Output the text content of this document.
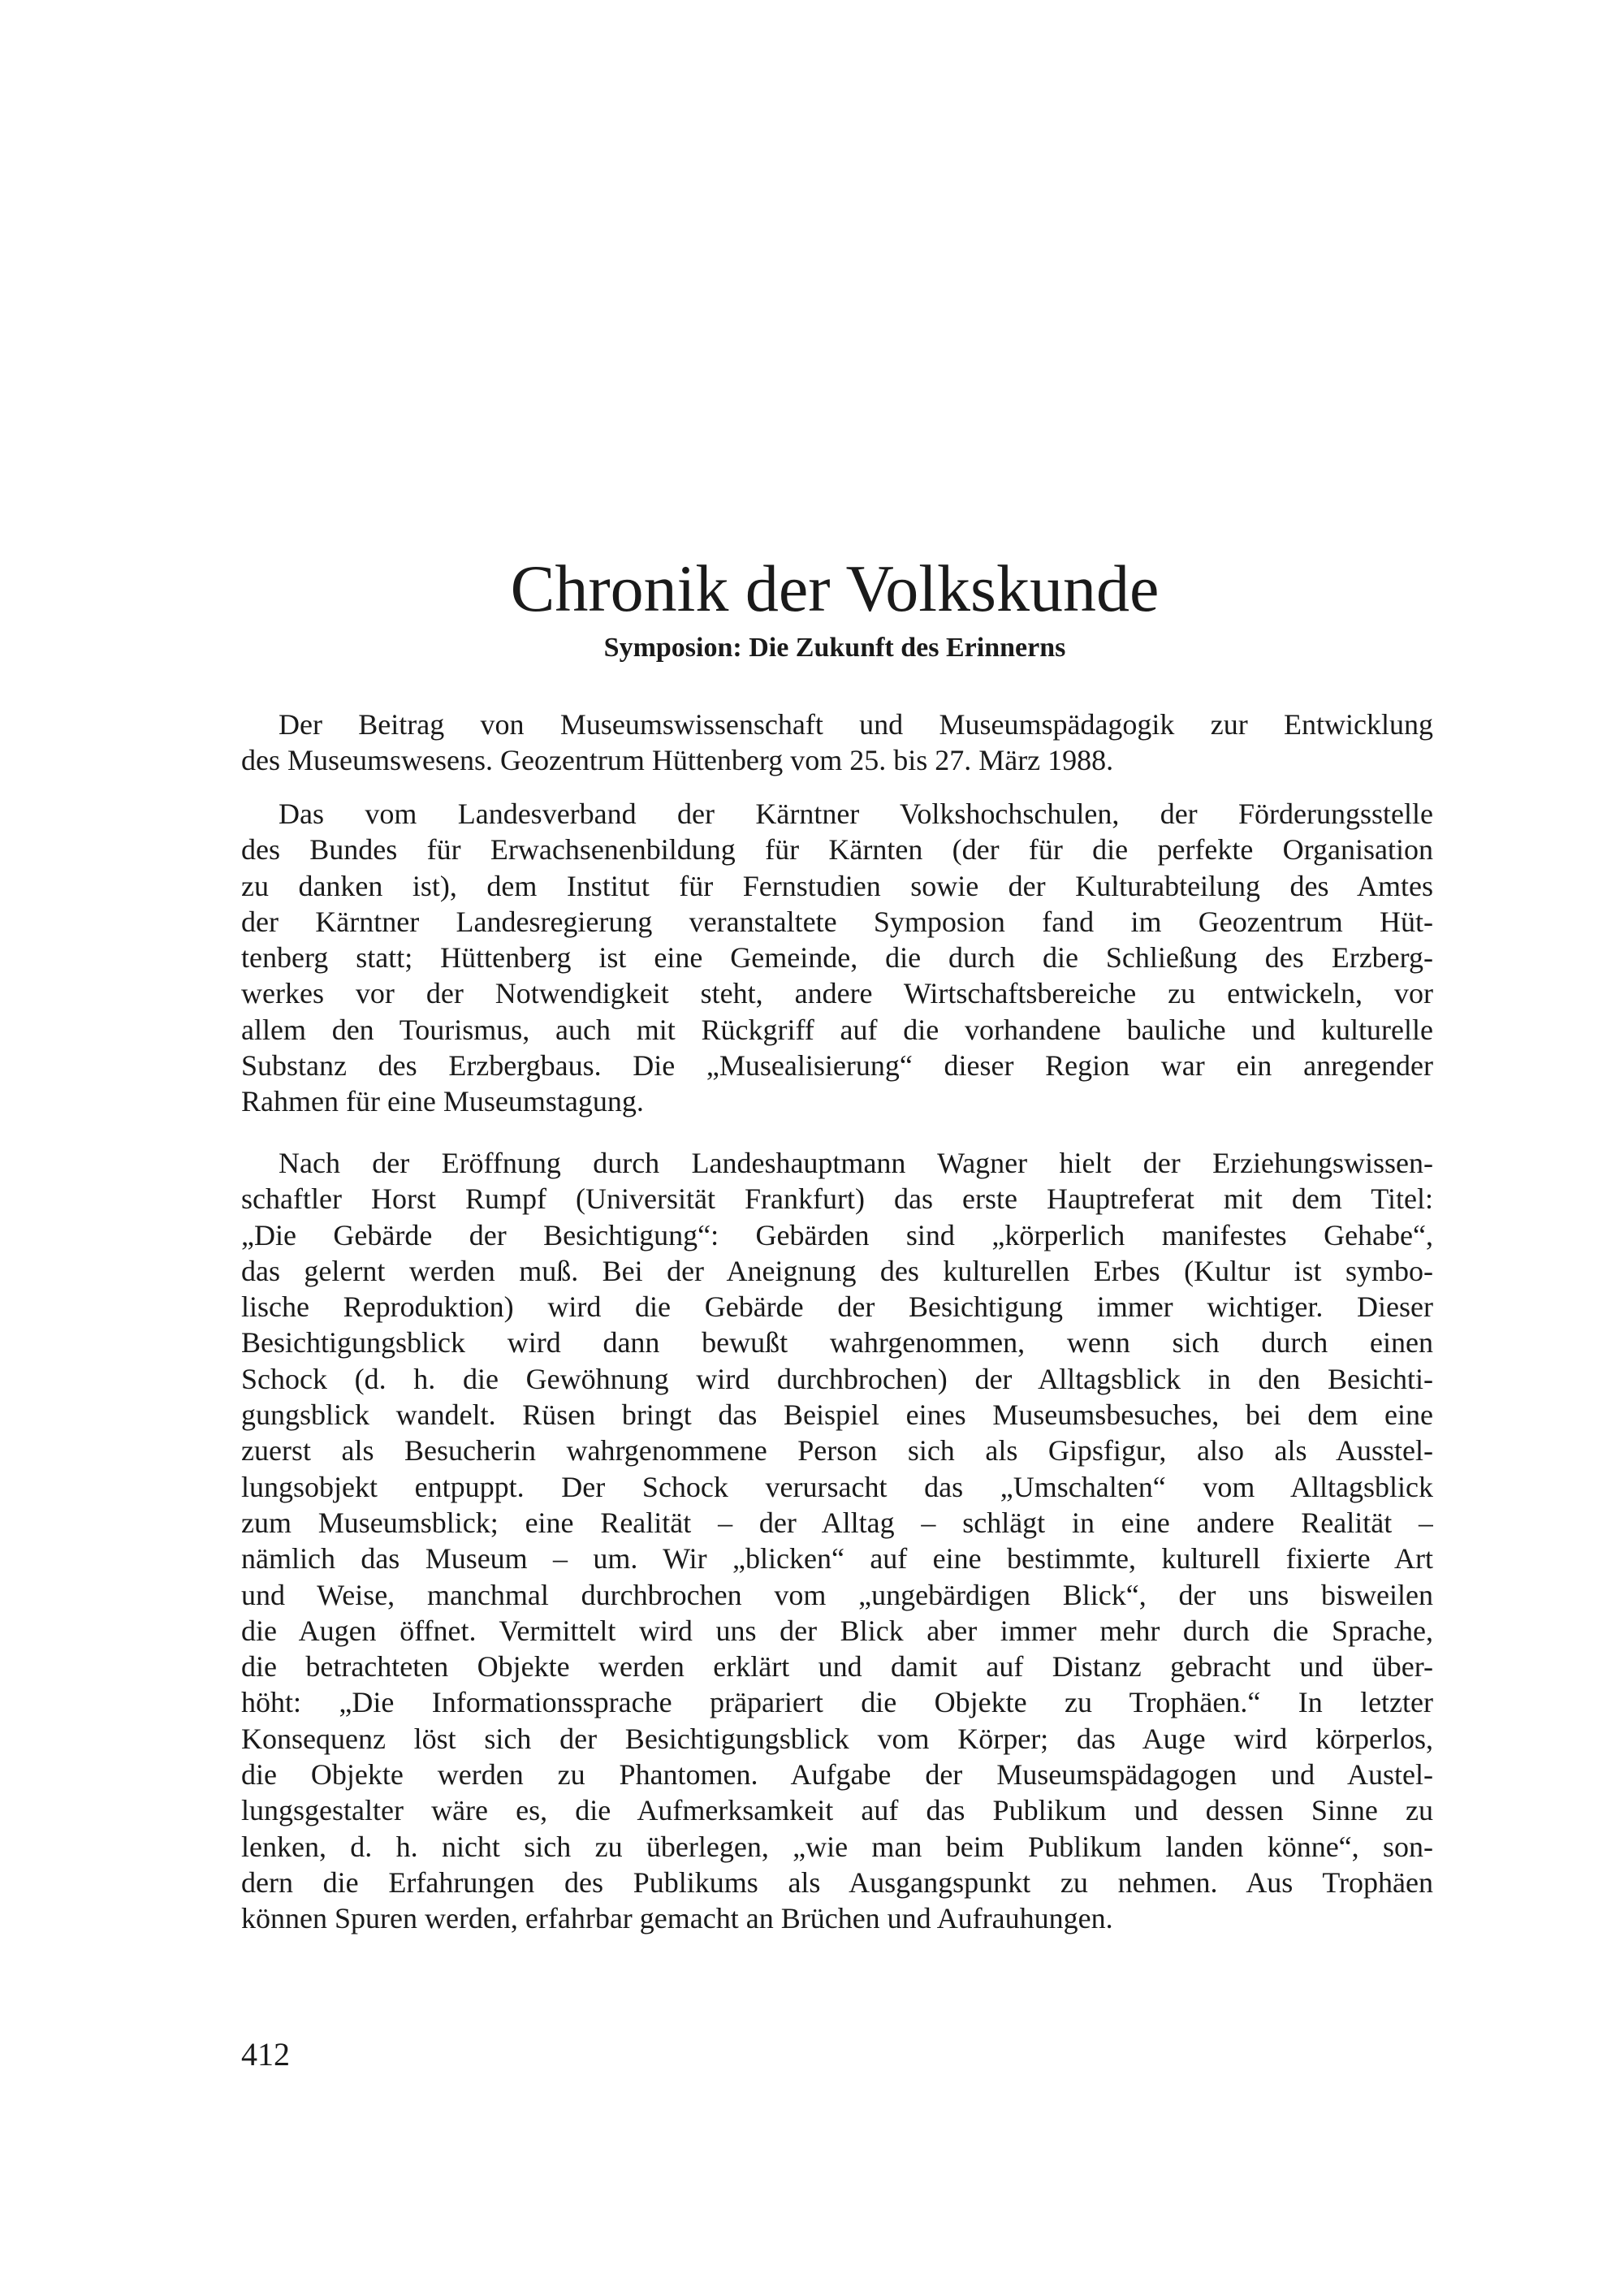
Chronik der Volkskunde
Symposion: Die Zukunft des Erinnerns
Der Beitrag von Museumswissenschaft und Museumspädagogik zur Entwicklung
des Museumswesens. Geozentrum Hüttenberg vom 25. bis 27. März 1988.
Das vom Landesverband der Kärntner Volkshochschulen, der Förderungsstelle
des Bundes für Erwachsenenbildung für Kärnten (der für die perfekte Organisation
zu danken ist), dem Institut für Fernstudien sowie der Kulturabteilung des Amtes
der Kärntner Landesregierung veranstaltete Symposion fand im Geozentrum Hüt-
tenberg statt; Hüttenberg ist eine Gemeinde, die durch die Schließung des Erzberg-
werkes vor der Notwendigkeit steht, andere Wirtschaftsbereiche zu entwickeln, vor
allem den Tourismus, auch mit Rückgriff auf die vorhandene bauliche und kulturelle
Substanz des Erzbergbaus. Die „Musealisierung“ dieser Region war ein anregender
Rahmen für eine Museumstagung.
Nach der Eröffnung durch Landeshauptmann Wagner hielt der Erziehungswissen-
schaftler Horst Rumpf (Universität Frankfurt) das erste Hauptreferat mit dem Titel:
„Die Gebärde der Besichtigung“: Gebärden sind „körperlich manifestes Gehabe“,
das gelernt werden muß. Bei der Aneignung des kulturellen Erbes (Kultur ist symbo-
lische Reproduktion) wird die Gebärde der Besichtigung immer wichtiger. Dieser
Besichtigungsblick wird dann bewußt wahrgenommen, wenn sich durch einen
Schock (d. h. die Gewöhnung wird durchbrochen) der Alltagsblick in den Besichti-
gungsblick wandelt. Rüsen bringt das Beispiel eines Museumsbesuches, bei dem eine
zuerst als Besucherin wahrgenommene Person sich als Gipsfigur, also als Ausstel-
lungsobjekt entpuppt. Der Schock verursacht das „Umschalten“ vom Alltagsblick
zum Museumsblick; eine Realität – der Alltag – schlägt in eine andere Realität –
nämlich das Museum – um. Wir „blicken“ auf eine bestimmte, kulturell fixierte Art
und Weise, manchmal durchbrochen vom „ungebärdigen Blick“, der uns bisweilen
die Augen öffnet. Vermittelt wird uns der Blick aber immer mehr durch die Sprache,
die betrachteten Objekte werden erklärt und damit auf Distanz gebracht und über-
höht: „Die Informationssprache präpariert die Objekte zu Trophäen.“ In letzter
Konsequenz löst sich der Besichtigungsblick vom Körper; das Auge wird körperlos,
die Objekte werden zu Phantomen. Aufgabe der Museumspädagogen und Austel-
lungsgestalter wäre es, die Aufmerksamkeit auf das Publikum und dessen Sinne zu
lenken, d. h. nicht sich zu überlegen, „wie man beim Publikum landen könne“, son-
dern die Erfahrungen des Publikums als Ausgangspunkt zu nehmen. Aus Trophäen
können Spuren werden, erfahrbar gemacht an Brüchen und Aufrauhungen.
412
